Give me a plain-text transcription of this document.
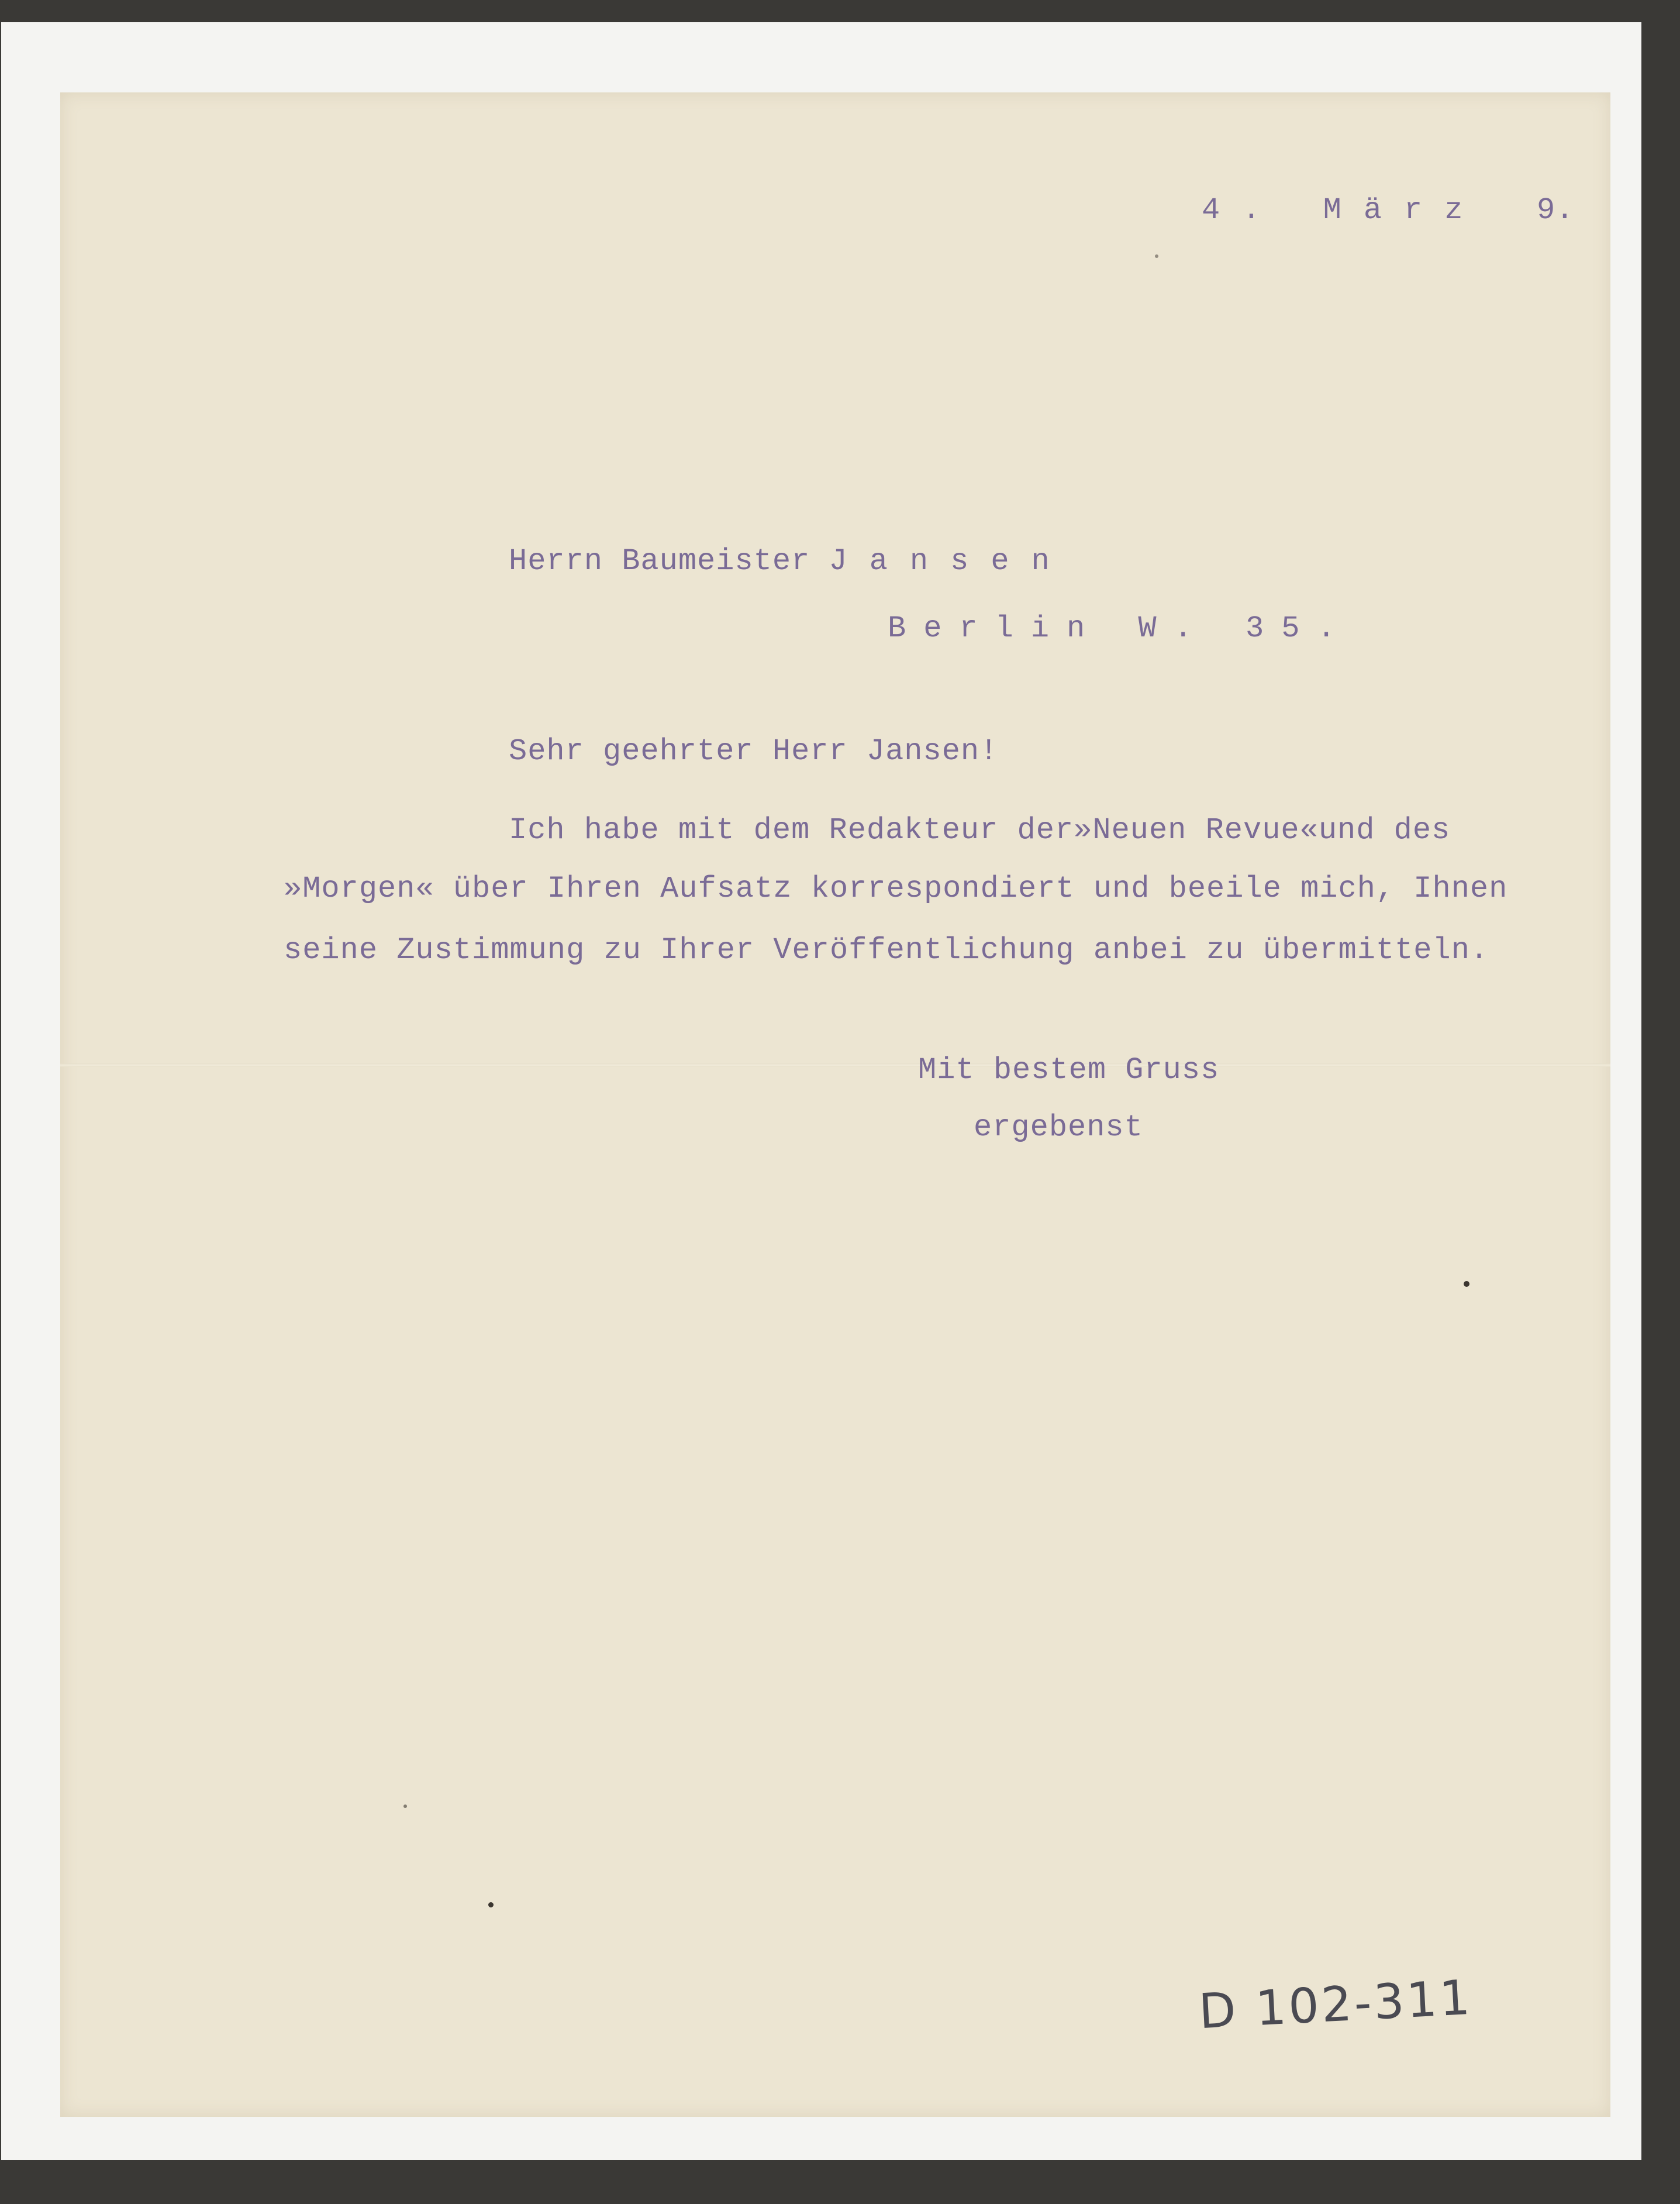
4. März 9.
Herrn Baumeister Jansen
Berlin W. 35.
Sehr geehrter Herr Jansen!
Ich habe mit dem Redakteur der»Neuen Revue«und des
»Morgen« über Ihren Aufsatz korrespondiert und beeile mich, Ihnen
seine Zustimmung zu Ihrer Veröffentlichung anbei zu übermitteln.
Mit bestem Gruss
ergebenst
D 102-311
